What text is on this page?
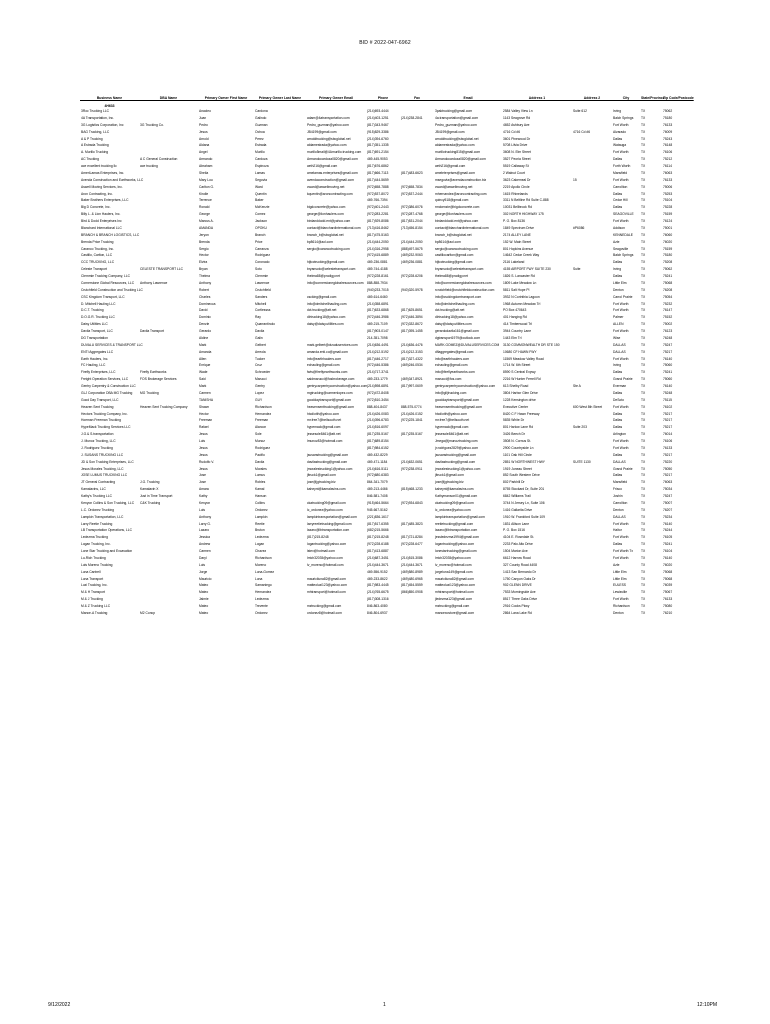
BID # 2022-047-6962
Business Name	DBA Name	Primary Owner First Name	Primary Owner Last Name	Primary Owner Email	Phone	Fax	Email	Address 1	Address 2	City	State/Province	Zip Code/Postcode
4H633												
3Roc Trucking LLC		Anacleo	Cardona		(214)693-4444		3paktrucking@gmail.com	2584 Valley View Ln	Suite 612	Irving	TX	75062
4A Transportation, Inc.		Juan	Galindo	adam@4atransportation.com	(214)403-1251	(214)238-2841	4a.transportation@gmail.com	1143 Seagrove Rd		Balch Springs	TX	75180
3G Logistics Corporation, Inc	3G Trucking Co.	Pedro	Guzman	Pedro_guzman@yahoo.com	(817)343-9467		Pedro_guzman@yahoo.com	4652 Ashbury Ave		Fort Worth	TX	76133
BAG Trucking, LLC		Jesus	Ochoa	JB4199@gmail.com	(915)829-3386		JB4199@gmail.com	4716 Cd #6	4716 Cd #6	Alvarado	TX	76009
A & P Trucking		Arnold	Perez	arnoldtrucking@sbcglobal.net	(214)394-6760		arnoldtrucking@sbcglobal.net	3601 Pinewood Dr		Dallas	TX	75243
A Estrada Trucking		Aldana	Estrada	aldamestrada@yahoo.com	(817)351-1335		aldamestrada@yahoo.com	5708 Lilvia Drive		Watauga	TX	76148
A. Murillo Trucking		Angel	Murillo	murillo5mail@4Amurillo.trucking.com	(817)691-2154		murillotrucking815@gmail.com	3608 N. Elm Street		Fort Worth	TX	76106
AC Trucking	A C General Construction	Armando	Cardoza	Armandocardoza0820@gmail.com	469-445-9053		Armandocardoza0820@gmail.com	3527 Peoria Street		Dallas	TX	75212
ace excellent trucking llc	ace trucking	Abraham	Espinoza	aeth216@gmail.com	(817)676-6862		aeth216@gmail.com	5519 Callaway St		Forth Worth	TX	76114
AmeriLamas Enterprises, Inc.		Sheila	Lamas	amelamas.enterprises@gmail.com	(817)666-7113	(817)483-6623	ameleterprises@gmail.com	2 Walnut Court		Mansfield	TX	76063
Avenda Construction and Earthworks, LLC		Mary Lou	Segovia	avendaconstruction@gmail.com	(817)444-5659		msegovia@avendaconstruction.biz	3623 Cakemeal Dr	15	Fort Worth	TX	76133
Aswell Moving Services, Inc.		Carlton G.	Ward	cward@aswellmoving.net	(972)658-7888	(972)658-7834	cward@aswellmoving.net	2219 Apollo Circle		Carrollton	TX	75006
Aron Contracting, Inc.		Kindle	Quentin	kquentin@aroncontracting.com	(972)537-8072	(972)537-2444	mhernandez@aroncontracting.com	1615 Rhinelands		Dallas	TX	75253
Baker Brothers Enterprises, LLC		Terrence	Baker		469-766-7394		quincy518@gmail.com	3311 N Beltline Rd Suite C-888		Cedar Hill	TX	75104
Big D Concrete, Inc.		Ronald	McKenzie	bigdconcrete@yahoo.com	(972)401-2443	(972)386-6076	rmckenzie@bigdconcrete.com	10031 Bellbrook Rd		Dallas	TX	75228
Billy L. & Lion Haulers, Inc.		George	Comez	george@lionhaulers.com	(972)283-2281	(972)287-4768	george@lionhaulers.com	302 NORTH HIGHWAY 175		SEAGOVILLE	TX	75159
Bird & Dodd Enterprises Inc		Marcus A.	Jackson	birdanddodd.ent@yahoo.com	(817)929-8086	(817)531-2044	birdanddodd.ent@yahoo.com	P. O. Box 8136		Fort Worth	TX	76124
Blanchard International LLC		AMANDA	OPOKU	contact@blanchardinternational.com	(713)416-8462	(713)456-8154	contact@blanchardinternational.com	1849 Spectrum Drive	#P6086	Addison	TX	75001
BRANCH & BRANCH LOGISTICS, LLC		Jeryon	Branch	branch_b@sbcglobal.net	(817)475-5163		branch_b@sbcglobal.net	2174 ALLEY LANE		KENNEDALE	TX	76060
Brenda Price Trucking		Brenda	Price	bp8614@aol.com	(214)444-2050	(214)444-2050	bp8614@aol.com	152 W. Main Street		Azle	TX	76020
Caranco Trucking, Inc.		Sergio	Carranza	sergio@carancotrucking.com	(214)316-2958	(888)497-5675	sergio@carancotrucking.com	801 Hopkins Avenue		Seagoville	TX	75159
Castillo, Carlton, LLC		Hector	Rodriguez		(972)415-6889	(469)232-9063	castillocarlton@gmail.com	14642 Cedar Creek Way		Balch Springs	TX	75180
CCC TRUCKING, LLC		Elvira	Coronado	hijtcctrucking@gmail.com	469-236-0881	(469)236-0881	hijtcctrucking@gmail.com	2116 Lakeland		Dallas	TX	75208
Celeste Transport	CELESTE TRANSPORT LLC	Bryan	Soto	bryansoto@celestetransport.com	469-744-4188		bryansoto@celestetransport.com	4155 AIRPORT FWY SUITE 230	Suite	Irving	TX	75062
Clemmie Trucking Company, LLC		Thelma	Clemmie	thelma88@prodigy.net	(972)228-8161	(972)228-6206	thelma88@prodigy.net	1826 S. Lancaster Rd		Dallas	TX	75241
Cornerstone Global Resources, LLC	Anthony Lawrence	Anthony	Lawrence	info@cornerstoneglobalresources.com	888-858-7934		info@cornerstoneglobalresources.com	1809 Lake Meadow Ln		Little Elm	TX	75068
Crutchfield Construction and Trucking LLC		Robert	Crutchfield		(940)233-7015	(940)320-5978	rcrutchfield@crutchfieldconstruction.com	5811 Salt Hope Pl		Denton	TX	76208
CSC Kingdom Transport, LLC		Charles	Sanders	cscking@gmail.com	469-614-6460		info@csckingdomtransport.com	3932 N Corinthia Lagoon		Carrol Prairie	TX	75054
D. Mitchell Hauling LLC		Dominecca	Mitchell	info@dmitchellhauling.com	(214)358-6891		info@dmitchellhauling.com	1968 Autumn Meadow Trl		Fort Worth	TX	75232
D.C.T. Trucking		David	Cortlessss	dct.trucking@att.net	(817)633-6868	(817)625-8651	dct.trucking@att.net	PO Box 470643		Fort Worth	TX	76147
D.O.G.R. Trucking LLC		Dominic	Ray	dlrtrucking18@yahoo.com	(972)446-3986	(972)446-3894	dlrtrucking18@yahoo.com	401 Hanging Rd		Palmer	TX	75152
Daisy Utilities LLC		Denzle	Quarrantinolo	daisy@daisy.utilities.com	469-215-7109	(972)332-8672	daisy@daisy.utilities.com	414 Timberwood Trl		ALLEN	TX	75002
Davila Transport, LLC	Davila Transport	Gerardo	Davila		(817)903-0147	(817)395-1455	gerardodavila161@gmail.com	3944 Country Lane		Fort Worth	TX	76123
DG Transportation		Aldine	Galin		214-351-7098		dgtransport1979@outlook.com	1443 Elm Trl		Wise	TX	76248
DUVALU SERVICES & TRANSPORT LLC		Mark	Gelbert	mark.gelbert@duvaluservices.com	(214)636-4491	(214)636-4476	MARK.GOMEZ@DUVALUSERVICES.COM	3130 COMMONWEALTH DR STE 150		DALLAS	TX	75247
ENTI Aggregates LLC		Amanda	Arreola	amanda.enti.co@gmail.com	(214)212-5192	(214)212-3153	dflaggregates@gmail.com	10680 CF HAWN FWY		DALLAS	TX	75217
Earth Haulers, Inc.		Allen	Tucker	info@earthhaulers.com	(817)446-2717	(817)327-4322	info@earthhaulers.com	11569 Meadow Valley Road		Fort Worth	TX	76140
FC Hauling, LLC		Enrique	Cruz	echauling@gmail.com	(972)446-5386	(469)246-0534	echauling@gmail.com	1714 W. 6th Street		Irving	TX	75060
Firefly Enterprises, LLC	Firefly Earthworks	Wade	Schroeder	fwts@fireflyearthworks.com	(214)717-3741		info@fireflyearthworks.com	8590 S Central Expwy		Dallas	TX	75241
Freight Operation Services, LLC	FOS Brokerage Services	Said	Marucci	saidmarucci@fosbrokerage.com	469-233-1779	(469)347-8921	marucci@fos.com	2216 W Hunter Ferrell Rd		Grand Prairie	TX	75060
Gentry Carpentry & Construction LLC		Mark	Gentry	gentrycarpentryconstruction@yahoo.com	(214)598-6891	(817)997-0609	gentrycarpentryconstruction@yahoo.com	613 Shelby Road	Ste A	Everman	TX	76140
GLJ Corporation DBA MG Trucking	MG Trucking	Carmen	Lopez	mgtrucking@carmenlopez.com	(972)472-8408		info@glljtrucking.com	3804 Harbor Glen Drive		Dallas	TX	75248
Good Day Transport, LLC		TANISHA	GUY	gooddaytransport@gmail.com	(972)510-3454		gooddaytransport@gmail.com	1228 Kensington drive		DeSoto	TX	75115
Heaven Sent Trucking	Heaven Sent Trucking Company	Shawn	Richardson	heavensenttrucking@gmail.com	888-404-8437	888-575-0774	heavensenttrucking@gmail.com	Executive Center	600 West 8th Street	Fort Worth	TX	76102
Hectors Trucking Company, Inc.		Hector	Hernandez	htcdiotth@yahoo.com	(214)426-0083	(214)426-0152	htcdiotth@yahoo.com	8420 C F Hawn Freeway		Dallas	TX	75217
Hoeman Freeman Trucking		Freeman	Freeman	mr.free7@bellsouth.net	(214)396-6783	(972)225-1841	mr.free7@bellsouth.net	5835 White Dr		Dallas	TX	75217
HypeMack Trucking Services LLC		Rafael	Alarcon	hypemack@gmail.com	(214)516-6097		hypemack@gmail.com	801 Harlow Lane Rd	Suite 203	Dallas	TX	75217
J.G.& S.transportation		Jesus	Sole	jessesole8461@att.net	(817)235-5167	(817)235-5167	jessesole8461@att.net	3426 Beech Dr		Arlington	TX	76014
J. Munoz Trucking, LLC		Luis	Munoz	lmunoz83@hotmail.com	(817)689-8154		Jmega@jmunoztrucking.com	3508 N. Cornus St.		Fort Worth	TX	76106
J. Rodriguez Trucking		Jesus	Rodriguez		(817)984-6152		jr.rodriguez2829@yahoo.com	2900 Countryside Ln		Fort Worth	TX	76133
J. SUSANS TRUCKING LLC		Jesus	Pacifio	jsusanstrucking@gmail.com	469-432-8229		jsusanstrucking@gmail.com	1101 Oak Hill Circle		Dallas	TX	75217
JD & Son Trucking Enterprises, LLC		Rudolfo V.	Davila	davilastrucking@gmail.com	469-471-1184	(214)632-0651	davilastrucking@gmail.com	2851 W NORTHWEST HWY	SUITE 1130	DALLAS	TX	75220
Jesus Morales Trucking, LLC		Jesus	Morales	jmoralestrucking1@yahoo.com	(214)616-5111	(972)238-0911	jmoralestrucking1@yahoo.com	1919 Juneau Street		Grand Prairie	TX	75050
JOSE LUMUS TRUCKING LLC		Jose	Lumus	jltruck1@gmail.com	(972)680-6383		jltruck1@gmail.com	852 South Western Drive		Dallas	TX	75217
JT General Contracting	J.G. Trucking	Jose	Robles	jose@jgtrucking.biz	864-341-7079		jose@jgtrucking.biz	802 Parkhill Dr		Mansfield	TX	76063
Kamalavins, LLC	Kamalavin X	Amara	Kamal	kaheynt@kamalavins.com	469-213-4466	(815)468-1233	kaheynt@kamalavins.com	8755 Stockard Dr, Suite 201		Frisco	TX	75034
Kathy's Trucking LLC	Just in Time Transport	Kathy	Hanson		846-581-7408		Kathymanson01@gmail.com	6842 Williams Trail		Joshin	TX	75247
Kenyon Collins & Son Trucking, LLC	C&K Trucking	Kenyon	Collins	ckatrucking09@gmail.com	(915)464-5664	(972)934-6843	ckatrucking09@gmail.com	3744 N Jersey Ln, Suite 106		Carrollton	TX	75007
L.C. Ordonez Trucking		Luis	Ordonez	lc_ordonez@yahoo.com	945-667-5162		lc_ordonez@yahoo.com	1416 Gallarita Drive		Denton	TX	76207
Lampkin Transportation, LLC		Anthony	Lampkin	lampkintransportation@gmail.com	(221)836-1617		lampkintransportation@gmail.com	1910 W. Frankford Suite 109		DALLAS	TX	75234
Larry Reetie Trucking		Larry G.	Reetie	larryreetietrucking@gmail.com	(817)517-6355	(817)485-3823	reetietrucking@gmail.com	1831 Allison Lane		Fort Worth	TX	76140
LB Transportation Operations, LLC		Lazaro	Bruton	lazaro@lbtransportation.com	(682)215-5666		lazaro@lbtransportation.com	P. O. Box 1516		Haltor	TX	76244
Ledezma Trucking		Jessica	Ledezma	(817)215-8248	(817)215-8248	(817)721-8284	jessledezma1994@gmail.com	4104 E. Rosedale St.		Fort Worth	TX	76105
Logan Trucking, Inc.		Andrew	Logan	logantrucking@yahoo.com	(972)228-6188	(972)228-6477	logantrucking@yahoo.com	2233 Palo Alto Drive		Dallas	TX	75241
Lone Star Trucking and Excavation		Carmen	Chavez	lstex@hotmail.com	(817)413-6887		lonestartrucking@gmail.com	1504 Marion Ave		Fort Worth Tx	TX	76104
Lu-Rich Trucking		Daryl	Richardson	lrrich32035@yahoo.com	(214)687-3451	(214)515-3086	lrrich32035@yahoo.com	6612 Harrow Road		Fort Worth	TX	76140
Luis Moreno Trucking		Luis	Moreno	lv_moreno@hotmail.com	(214)444-3671	(214)444-3671	lv_moreno@hotmail.com	327 County Road 4408		Azle	TX	76020
Luna Cantrell		Jorge	Luna-Gomez		469-556-9152	(469)580-8989	jorgeluna149@gmail.com	1413 San Bernardo Dr		Little Elm	TX	75068
Luna Transport		Mauricio	Luna	mauriciluna82@gmail.com	469-233-8622	(469)480-6965	mauriciluna82@gmail.com	1750 Canyon Oaks Dr		Little Elm	TX	75068
Luzi Trucking, Inc.		Mateo	Samaniego	matteoluzi123@yahoo.com	(817)983-4445	(817)454-5559	matteoluzi123@yahoo.com	902 GLENN DRIVE		EULESS	TX	76039
M & H Transport		Mateo	Hernandez	mhtransport@hotmail.com	(214)765-6675	(866)850-0908	mhtransport@hotmail.com	7533 Morningside Ave		Lewisville	TX	75067
M & J Trucking		Jaimie	Ledezma		(817)308-1316		jledezma123@gmail.com	8517 Three Oaks Drive		Fort Worth	TX	76133
M & Z Trucking LLC		Mateo	Trevente	mztrucking@gmail.com	846-863-4080		mztrucking@gmail.com	2916 Cooks Pkwy		Richardson	TX	75080
Mance-A Trucking	M2 Concp	Mateo	Ordonez	ordonez8@hotmail.com	846-804-6937		mancexostore@gmail.com	2864 Lana Lake Rd		Denton	TX	76210
9/12/2022	1	12:10PM
